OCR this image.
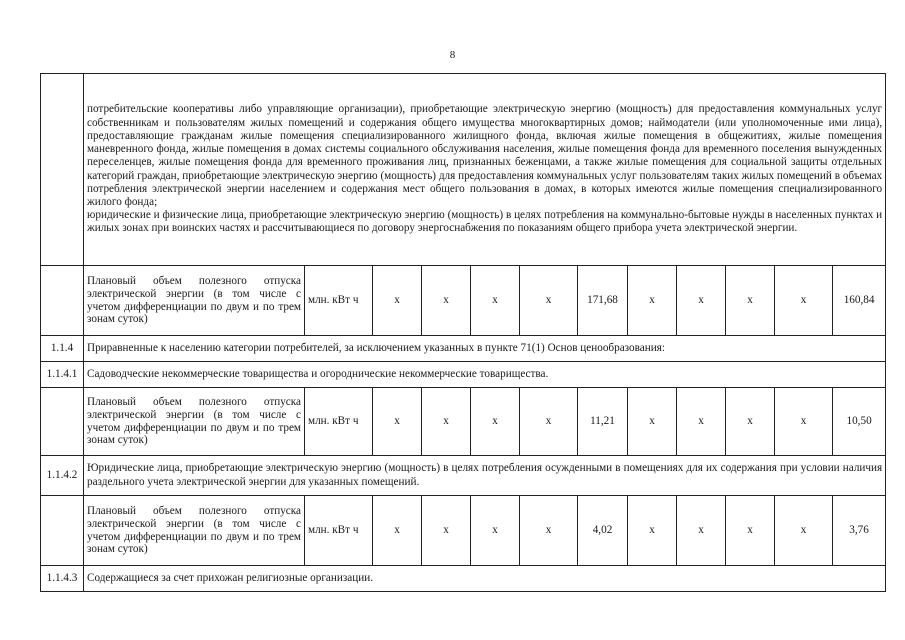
8

	потребительские кооперативы либо управляющие организации), приобретающие электрическую энергию (мощность) для предоставления коммунальных услуг собственникам и пользователям жилых помещений и содержания общего имущества многоквартирных домов; наймодатели (или уполномоченные ими лица), предоставляющие гражданам жилые помещения специализированного жилищного фонда, включая жилые помещения в общежитиях, жилые помещения маневренного фонда, жилые помещения в домах системы социального обслуживания населения, жилые помещения фонда для временного поселения вынужденных переселенцев, жилые помещения фонда для временного проживания лиц, признанных беженцами, а также жилые помещения для социальной защиты отдельных категорий граждан, приобретающие электрическую энергию (мощность) для предоставления коммунальных услуг пользователям таких жилых помещений в объемах потребления электрической энергии населением и содержания мест общего пользования в домах, в которых имеются жилые помещения специализированного жилого фонда;

юридические и физические лица, приобретающие электрическую энергию (мощность) в целях потребления на коммунально-бытовые нужды в населенных пунктах и жилых зонах при воинских частях и рассчитывающиеся по договору энергоснабжения по показаниям общего прибора учета электрической энергии.											

	Плановый объем полезного отпуска электрической энергии (в том числе с учетом дифференциации по двум и по трем зонам суток)	млн. кВт ч	x	x	x	x	171,68	x	x	x	x	160,84
1.1.4	Приравненные к населению категории потребителей, за исключением указанных в пункте 71(1) Основ ценообразования:											
1.1.4.1	Садоводческие некоммерческие товарищества и огороднические некоммерческие товарищества.											
	Плановый объем полезного отпуска электрической энергии (в том числе с учетом дифференциации по двум и по трем зонам суток)	млн. кВт ч	x	x	x	x	11,21	x	x	x	x	10,50
1.1.4.2	Юридические лица, приобретающие электрическую энергию (мощность) в целях потребления осужденными в помещениях для их содержания при условии наличия раздельного учета электрической энергии для указанных помещений.											
	Плановый объем полезного отпуска электрической энергии (в том числе с учетом дифференциации по двум и по трем зонам суток)	млн. кВт ч	x	x	x	x	4,02	x	x	x	x	3,76
1.1.4.3	Содержащиеся за счет прихожан религиозные организации.											
